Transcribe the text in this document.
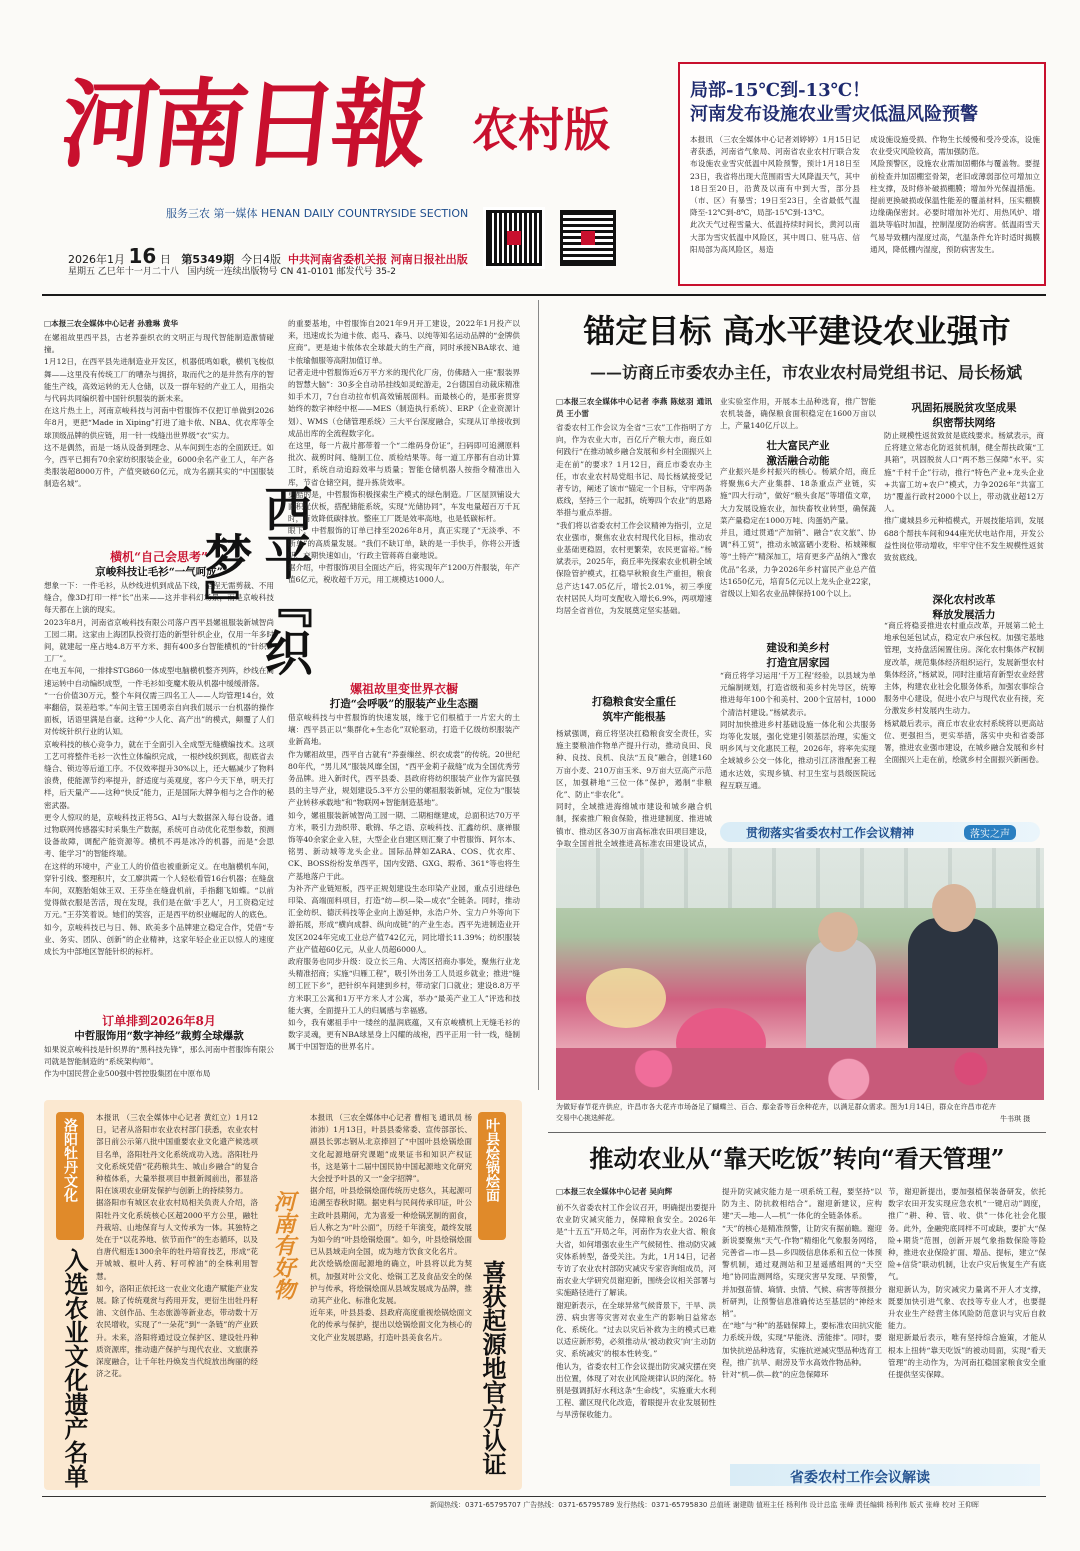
河南日報 农村版
服务三农 第一媒体 HENAN DAILY COUNTRYSIDE SECTION
2026年1月 16 日 第5349期 今日4版 中共河南省委机关报 河南日报社出版
星期五 乙巳年十一月二十八 国内统一连续出版物号 CN 41-0101 邮发代号 35-2
局部-15℃到-13℃！
河南发布设施农业雪灾低温风险预警
本报讯 （三农全媒体中心记者刘婷婷）1月15日记者获悉，河南省气象局、河南省农业农村厅联合发布设施农业雪灾低温中风险预警，预计1月18日至23日，我省将出现大范围雨雪大风降温天气，其中18日至20日，沿黄及以南有中到大雪，部分县（市、区）有暴雪；19日至23日，全省最低气温降至-12℃到-8℃，局部-15℃到-13℃。
此次天气过程雪量大、低温持续时间长，黄河以南大部为雪灾低温中风险区，其中周口、驻马店、信阳局部为高风险区，易造
成设施设施受损、作物生长缓慢和受冷受冻，设施农业受灾风险较高，需加强防范。
风险预警区，设施农业需加固棚体与覆盖物。要提前检查并加固棚室骨架，老旧或薄弱部位可增加立柱支撑，及时修补破损棚膜；增加外光保温措施。提前更换破损或保温性能差的覆盖材料，压实棚膜边缘确保密封。必要时增加补光灯、用热风炉、增温块等临时加温，控制湿度防治病害。低温雨雪天气易导致棚内湿度过高，气温条件允许时适时揭膜通风，降低棚内湿度，预防病害发生。
□本报三农全媒体中心记者 孙雅琳 黄华
在嫘祖故里西平县，古老养蚕织衣的文明正与现代智能制造激情碰撞。
1月12日，在西平县先进制造业开发区，机器低鸣如歌，横机飞梭似舞——这里没有传统工厂的嘈杂与拥挤，取而代之的是井然有序的智能生产线，高效运转的无人仓储，以及一群年轻的产业工人，用指尖与代码共同编织着中国针织服装的新未来。
在这片热土上，河南京峻科技与河南中哲服饰不仅把订单做到2026年8月，更把“Made in Xiping”打进了迪卡侬、NBA、优衣库等全球顶级品牌的供应链，用一针一线缝出世界级“衣”实力。
这不是偶然，而是一场从设备到理念、从车间到生态的全面跃迁。如今，西平已拥有70余家纺织服装企业，6000余名产业工人，年产各类服装超8000万件，产值突破60亿元，成为名副其实的“中国服装制造名城”。
横机“自己会思考”
京峻科技让毛衫“一气呵成”
想象一下：一件毛衫，从纱线进机到成品下线，全程无需剪裁、不用缝合，像3D打印一样“长”出来——这并非科幻场景，而是京峻科技每天都在上演的现实。
2023年8月，河南省京峻科技有限公司落户西平县嫘祖服装新城智尚工园二期。这家由上海团队投资打造的新型针织企业，仅用一年多时间，就建起一座占地4.8万平方米、拥有400多台智能横机的“针织梦工厂”。
在电五车间，一排排STG860一体成型电脑横机整齐列阵，纱线在高速运转中自动编织成型，一件毛衫如变魔术般从机器中缓缓滑落。
“一台价值30万元，整个车间仅需三四名工人——人均管理14台，效率翻倍，误差趋零。”车间主管王国勇亲自向我们展示一台机器的操作面板，话语里满是自豪。这种“少人化、高产出”的模式，颠覆了人们对传统针织行业的认知。
京峻科技的核心竞争力，就在于全面引入全成型无缝横编技术。这项工艺可将整件毛衫一次性立体编织完成，一根纱线织到底，彻底省去缝合、锁边等后道工序。不仅效率提升30%以上，还大幅减少了物料浪费，使能源节约率提升，舒适度与美观度，客户今天下单，明天打样，后天量产——这种“快反”能力，正是国际大牌争相与之合作的秘密武器。
更令人惊叹的是，京峻科技正将5G、AI与大数据深入每台设备。通过物联网传感器实时采集生产数据，系统可自动优化花型参数，预测设备故障，调配产能资源等。横机不再是冰冷的机器，而是“会思考、能学习”的智能终端。
在这样的环境中，产业工人的价值也被重新定义。在电脑横机车间，穿针引线、整理积片，女工廖洪霞一个人轻松看管16台机器；在缝盘车间，双胞胎姐妹王双、王芬坐在缝盘机前，手指翻飞如蝶。“以前觉得做衣服是苦活，现在发现，我们是在做‘手艺人’，月工资稳定过万元。”王芬笑着说。她们的笑容，正是西平纺织业崛起的人的底色。
如今，京峻科技已与日、韩、欧美多个品牌建立稳定合作，凭借“专业、务实、团队、创新”的企业精神，这家年轻企业正以惊人的速度成长为中部地区智能针织的标杆。
订单排到2026年8月
中哲服饰用“数字神经”裁剪全球爆款
如果说京峻科技是针织界的“黑科技先锋”，那么河南中哲服饰有限公司就是智能制造的“系统架构师”。
作为中国民营企业500强中哲控股集团在中原布局
西平『织梦』
的重要基地，中哲服饰自2021年9月开工建设，2022年1月投产以来，迅速成长为迪卡侬、彪马、森马、以纯等知名运动品牌的“金牌供应商”。更是迪卡侬体农全球最大的生产商，同时承接NBA球衣、迪卡侬瑜伽服等高附加值订单。
记者走进中哲服饰近6万平方米的现代化厂房，仿佛踏入一座“服装界的智慧大脑”：30多全自动吊挂线如灵蛇游走，2台德国自动裁床精准如手术刀，7台自动拉布机高效铺展面料。而最核心的，是那套贯穿始终的数字神经中枢——MES（制造执行系统）、ERP（企业资源计划）、WMS（仓储管理系统）三大平台深度融合，实现从订单接收到成品出库的全流程数字化。
在这里，每一片裁片都带着一个“二维码身份证”，扫码即可追溯原料批次、裁剪时间、缝制工位、质检结果等。每一道工序都有自动计算工时，系统自动追踪效率与质量；智能仓储机器人按指令精准出入库，节省仓储空间，提升拣货效率。
更酷的是，中哲服饰积极探索生产模式的绿色制造。厂区屋顶铺设大面积光伏板，搭配储能系统，实现“光储协同”，车发电量超百万千瓦时，有效降低碳排放。整座工厂既是效率高地，也是低碳标杆。
眼下，中哲服饰的订单已排至2026年8月，真正实现了“无淡季、不断单”的高质量发展。“我们不缺订单，缺的是一手快手，你将公开透明，交期快速如山，‘行政主管蒋蒋自豪地说。
据介绍，中哲服饰项目全面达产后，将实现年产1200万件服装，年产值6亿元，税收超千万元，用工规模达1000人。
嫘祖故里变世界衣橱
打造“会呼吸”的服装产业生态圈
借京峻科技与中哲服饰的快速发展，缘于它们根植于一片宏大的土壤：西平县正以“集群化+生态化”双轮驱动，打造千亿级纺织服装产业新高地。
作为嫘祖故里，西平自古就有“养蚕缫丝、织衣成裳”的传统。20世纪80年代，“男儿风”服装风靡全国，“西平金莉子裁缝”成为全国优秀劳务品牌。进入新时代，西平县委、县政府将纺织服装产业作为富民强县的主导产业，规划建设5.3平方公里的嫘祖服装新城，定位为“服装产业转移承载地”和“物联网+智能制造基地”。
如今，嫘祖服装新城智尚工园一期、二期相继建成，总面积达70万平方米，吸引力劲织带、歌锦、华之语、京峻科技、汇鑫纺织、康禅服饰等40余家企业入驻，大型企业自建区则汇聚了中哲服饰、阿尔本、铭男、新动城等龙头企业。国际品牌如ZARA、COS、优衣库、CK、BOSS纷纷发单西平，国内安踏、GXG、瑕希、361°等也将生产基地落户于此。
为补齐产业链短板，西平正规划建设生态印染产业园，重点引进绿色印染、高端面料项目，打造“纺—织—染—成衣”全链条。同时，推动汇金纺织、德沃科技等企业向上游延伸，永浩户外、宝力户外等向下游拓展，形成“横向成群、纵向成链”的产业生态。西平先进制造业开发区2024年完成工业总产值742亿元，同比增长11.39%；纺织服装产业产值超60亿元，从业人员超6000人。
政府服务也同步升级：设立长三角、大湾区招商办事处，聚焦行业龙头精准招商；实施“归雁工程”，吸引外出务工人员返乡就业；推进“缝纫工匠下乡”，把针织车间建到乡村，带动家门口就业；建设8.8万平方米职工公寓和1万平方米人才公寓，举办“最美产业工人”评选和技能大赛，全面提升工人的归属感与幸福感。
如今，我有嫘祖手中一缕丝的温润底蕴，又有京峻横机上无缝毛衫的数字灵魂，更有NBA球星身上闪耀的战袍，西平正用一针一线，缝制属于中国智造的世界名片。
锚定目标 高水平建设农业强市
——访商丘市委农办主任，市农业农村局党组书记、局长杨斌
□本报三农全媒体中心记者 李燕 陈炫羽 通讯员 王小雷
省委农村工作会议为全省“三农”工作指明了方向，作为农业大市，百亿斤产粮大市，商丘如何践行“在推动城乡融合发展和乡村全面振兴上走在前”的要求？1月12日，商丘市委农办主任，市农业农村局党组书记、局长杨斌接受记者专访，阐述了该市“锚定一个目标，守牢两条底线，坚持三个一起抓，统筹四个农业”的思路举措与重点举措。
“我们将以省委农村工作会议精神为指引，立足农业强市，聚焦农业农村现代化目标，推动农业基础更稳固，农村更繁荣，农民更富裕。”杨斌表示，2025年，商丘率先探索农业机耕全域保险管护模式，扛稳早秋粮食生产重担，粮食总产达147.05亿斤，增长2.01%，初三季度农村居民人均可支配收入增长6.9%，两项增速均居全省首位，为发展奠定坚实基础。
打稳粮食安全重任
筑牢产能根基
杨斌强调，商丘将坚决扛稳粮食安全责任，实施主要粮油作物单产提升行动，推动良田、良种、良技、良机、良法“五良”融合，创建160万亩小麦、210万亩玉米、9万亩大豆高产示范区，加强耕地“三位一体”保护，遏制“非粮化”、防止“非农化”。
同时，全域推进海绵城市建设和城乡融合机制，探索推广粮食保险，推进建制度、推进城镇市、推动区各30万亩高标准农田项目建设，争取全国首批全域推进高标准农田建设试点，
业实验室作用，开展本土品种选育，推广智能农机装备，确保粮食面积稳定在1600万亩以上，产量140亿斤以上。
壮大富民产业
激活融合动能
产业振兴是乡村振兴的核心。杨斌介绍，商丘将聚焦6大产业集群、18条重点产业链，实施“四大行动”，做好“粮头食尾”等增值文章，大力发展设施农业，加快畜牧业转型，确保蔬菜产量稳定在1000万吨、肉蛋奶产量。
并且，通过贯通“产加销”、融合“农文旅”、协调“科工贸”，推动永城富硒小麦粉、柘城辣椒等“土特产”精深加工，培育更多产品纳入“豫农优品”名录，力争2026年乡村富民产业总产值达1650亿元，培育5亿元以上龙头企业22家，省级以上知名农业品牌保持100个以上。
建设和美乡村
打造宜居家园
“商丘将学习运用‘千万工程’经验，以县域为单元编制规划，打造省级和美乡村先导区，统筹推进每年100个和美村、200个宜居村，1000个清洁村建设。”杨斌表示。
同时加快推进乡村基础设施一体化和公共服务均等化发展，强化党建引领基层治理，实施文明乡风与文化惠民工程，2026年，将率先实现全域城乡公交一体化，推动引江济淮配套工程通水达效，实现乡镇、村卫生室与县级医院远程互联互通。
巩固拓展脱贫攻坚成果
织密帮扶网络
防止规模性返贫致贫是底线要求。杨斌表示，商丘将建立常态化防返贫机制，健全帮扶政策“工具箱”，巩固脱贫人口“两不愁三保障”水平。实施“千村千企”行动，推行“特色产业+龙头企业+共富工坊+农户”模式，力争2026年“共富工坊”覆盖行政村2000个以上，带动就业超12万人。
推广虞城县乡元种植模式，开展技能培训，发展688个帮扶车间和944座光伏电站作用，开发公益性岗位带动增收，牢牢守住不发生规模性返贫致贫底线。
深化农村改革
释放发展活力
“商丘将稳妥推进农村重点改革，开展第二轮土地承包延包试点，稳定农户承包权。加强宅基地管理，支持盘活闲置住房。深化农村集体产权制度改革，规范集体经济组织运行，发展新型农村集体经济，”杨斌说，同时注重培育新型农业经营主体，构建农业社会化服务体系，加强农事综合服务中心建设，促进小农户与现代农业有接，充分激发乡村发展内生动力。
杨斌最后表示，商丘市农业农村系统将以更高站位、更强担当，更实举措，落实中央和省委部署，推进农业强市建设，在城乡融合发展和乡村全面振兴上走在前，绘就乡村全面振兴新画卷。
贯彻落实省委农村工作会议精神	落实之声
为做好春节花卉供应，许昌市各大花卉市场备足了蝴蝶兰、百合、鄢金香等百余种花卉，以满足群众需求。图为1月14日，群众在许昌市花卉交易中心挑选鲜花。	牛书琪 摄
洛阳牡丹文化
入选农业文化遗产名单
本报讯 （三农全媒体中心记者 黄红立）1月12日，记者从洛阳市农业农村部门获悉，农业农村部日前公示第八批中国重要农业文化遗产候选项目名单，洛阳牡丹文化系统成功入选。洛阳牡丹文化系统凭借“花药粮共生、城山乡融合”的复合种植体系，大量举报项目申报新闻前出，都显洛阳在该项农业研发保护与创新上的持续努力。
据洛阳市有城区农业农村局相关负责人介绍，洛阳牡丹文化系统核心区超2000平方公里，融牡丹栽培、山地保育与人文传承为一体。其独特之处在于“以花养地、依节而作”的生态循环，以及自唐代相连1300余年的牡丹培育技艺，形成“花开城城、根叶人药、籽可榨油”的全株利用智慧。
如今，洛阳正依托这一农业文化遗产赋能产业发展。除了传统观赏与药用开发，更衍生出牡丹籽油、文创作品、生态旅游等新业态，带动数十万农民增收，实现了“一朵花”到“一条链”的产业跃升。未来，洛阳将通过设立保护区、建设牡丹种质资源库，推动遗产保护与现代农业、文旅康养深度融合，让千年牡丹焕发当代绽放出绚丽的经济之花。
河南有好物
本报讯 （三农全媒体中心记者 曹相飞 通讯员 杨沛沛）1月13日，叶县县委常委、宣传部部长、副县长郭志钢从北京捧回了“中国叶县烩锅烩面文化起源地研究课题”成果证书和知识产权证书，这是第十二届中国民协中国起源地文化研究大会授予叶县的又一“金字招牌”。
据介绍，叶县烩锅烩面传统历史悠久，其起源可追溯至春秋时期。据史料与民间传承印证，叶公主政叶县期间，尤为喜爱一种烩锅烹制的面食，后人称之为“叶公面”，历经千年演变，最终发展为如今的“叶县烩锅烩面”。如今，叶县烩锅烩面已从县域走向全国，成为地方饮食文化名片。
此次烩锅烩面起源地的确立，叶县将以此为契机，加强对叶公文化、烩锅工艺及食品安全的保护与传承，将烩锅烩面从县域发展成为品牌，推动其产业化、标准化发展。
近年来，叶县县委、县政府高度重视烩锅烩面文化的传承与保护，提出以烩锅烩面文化为核心的文化产业发展思路，打造叶县美食名片。
叶县烩锅烩面
喜获起源地官方认证
推动农业从“靠天吃饭”转向“看天管理”
□本报三农全媒体中心记者 吴向辉
前不久省委农村工作会议召开，明确提出要提升农业防灾减灾能力，保障粮食安全。2026年是“十五五”开局之年，河南作为农业大省、粮食大省，如何增强农业生产气候韧性、推动防灾减灾体系转型，备受关注。为此，1月14日，记者专访了农业农村部防灾减灾专家咨询组成员，河南农业大学研究员谢迎新，围绕会议相关部署与实施路径进行了解读。
谢迎新表示，在全球异常气候背景下，干旱、洪涝、病虫害等灾害对农业生产的影响日益常态化、系统化。“过去以灾后补救为主的模式已难以适应新形势，必须推动从‘被动救灾’向‘主动防灾、系统减灾’的根本性转变。”
他认为，省委农村工作会议提出防灾减灾摆在突出位置，体现了对农业风险规律认识的深化。特别是强调抓好水利这条“生命线”，实施重大水利工程、灌区现代化改造，着眼提升农业发展韧性与旱涝保收能力。
提升防灾减灾能力是一项系统工程，要坚持“以防为主、防抗救相结合”。谢迎新建议，应构建“天—地—人—机”一体化的全链条体系。
“天”的核心是精准预警，让防灾有据前瞻。谢迎新说要聚焦“天气-作物”精细化气象服务网络，完善省—市—县—乡四级信息体系和五位一体预警机制，通过观测站和卫星遥感组网的“天空地”协同监测网络，实现灾害早发现、早预警，并加强苗情、墒情、虫情、气候、病害等预报分析研判，让预警信息准确传达至基层的“神经末梢”。
在“地”与“种”的基础保障上，要标准农田抗灾能力系统升级，实现“早能浇、涝能排”。同时，要加快抗逆品种选育，实施抗逆减灾型品种选育工程，推广抗旱、耐涝及节水高效作物品种。
针对“机—供—救”的应急保障环
节，谢迎新提出，要加强植保装备研发，依托数字农田开发实现应急农机“一键启动”调度，推广“耕、种、管、收、供”一体化社会化服务。此外，金融兜底同样不可或缺，要扩大“保险+期货”范围，创新开展气象指数保险等险种，推进农业保险扩面、增品、提标，建立“保险+信贷”联动机制，让农户灾后恢复生产有底气。
谢迎新认为，防灾减灾力量离不开人才支撑，既要加快引进气象、农技等专业人才，也要提升农业生产经营主体风险防范意识与灾后自救能力。
谢迎新最后表示，唯有坚持综合施策，才能从根本上扭转“靠天吃饭”的被动局面，实现“看天管理”的主动作为，为河南扛稳国家粮食安全重任提供坚实保障。
省委农村工作会议解读
新闻热线：0371-65795707 广告热线：0371-65795789 发行热线：0371-65795830 总值班 谢建勋 值班主任 杨利伟 设计总监 张峰 责任编辑 杨利伟 版式 张峰 校对 王仰晖
